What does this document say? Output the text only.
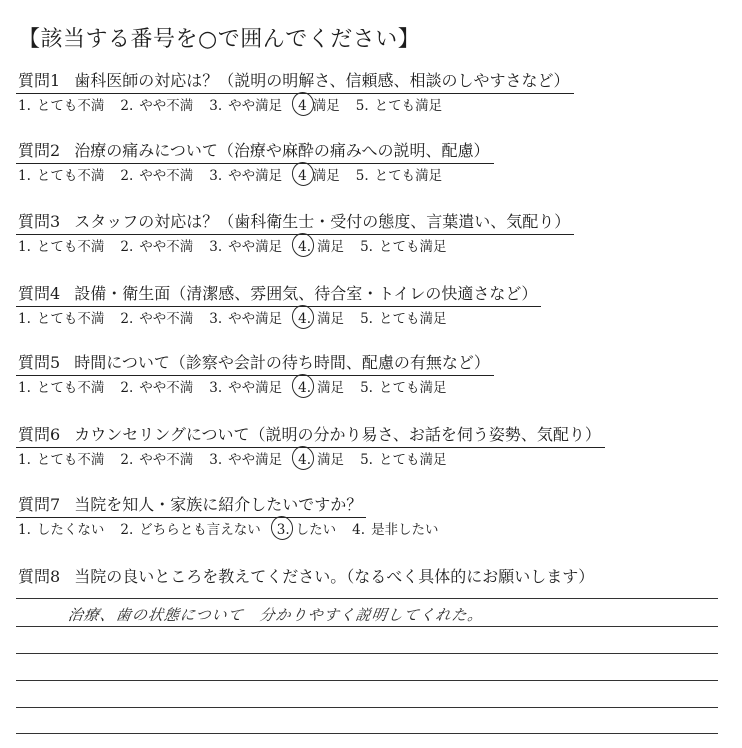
【該当する番号を○で囲んでください】
質問1 歯科医師の対応は？（説明の明解さ、信頼感、相談のしやすさなど）
1. とても不満 2. やや不満 3. やや満足 4 満足 5. とても満足
質問2 治療の痛みについて（治療や麻酔の痛みへの説明、配慮）
1. とても不満 2. やや不満 3. やや満足 4 満足 5. とても満足
質問3 スタッフの対応は？（歯科衛生士・受付の態度、言葉遣い、気配り）
1. とても不満 2. やや不満 3. やや満足 4. 満足 5. とても満足
質問4 設備・衛生面（清潔感、雰囲気、待合室・トイレの快適さなど）
1. とても不満 2. やや不満 3. やや満足 4. 満足 5. とても満足
質問5 時間について（診察や会計の待ち時間、配慮の有無など）
1. とても不満 2. やや不満 3. やや満足 4. 満足 5. とても満足
質問6 カウンセリングについて（説明の分かり易さ、お話を伺う姿勢、気配り）
1. とても不満 2. やや不満 3. やや満足 4. 満足 5. とても満足
質問7 当院を知人・家族に紹介したいですか？
1. したくない 2. どちらとも言えない 3. したい 4. 是非したい
質問8 当院の良いところを教えてください。（なるべく具体的にお願いします）
治療、歯の状態について　分かりやすく説明してくれた。
